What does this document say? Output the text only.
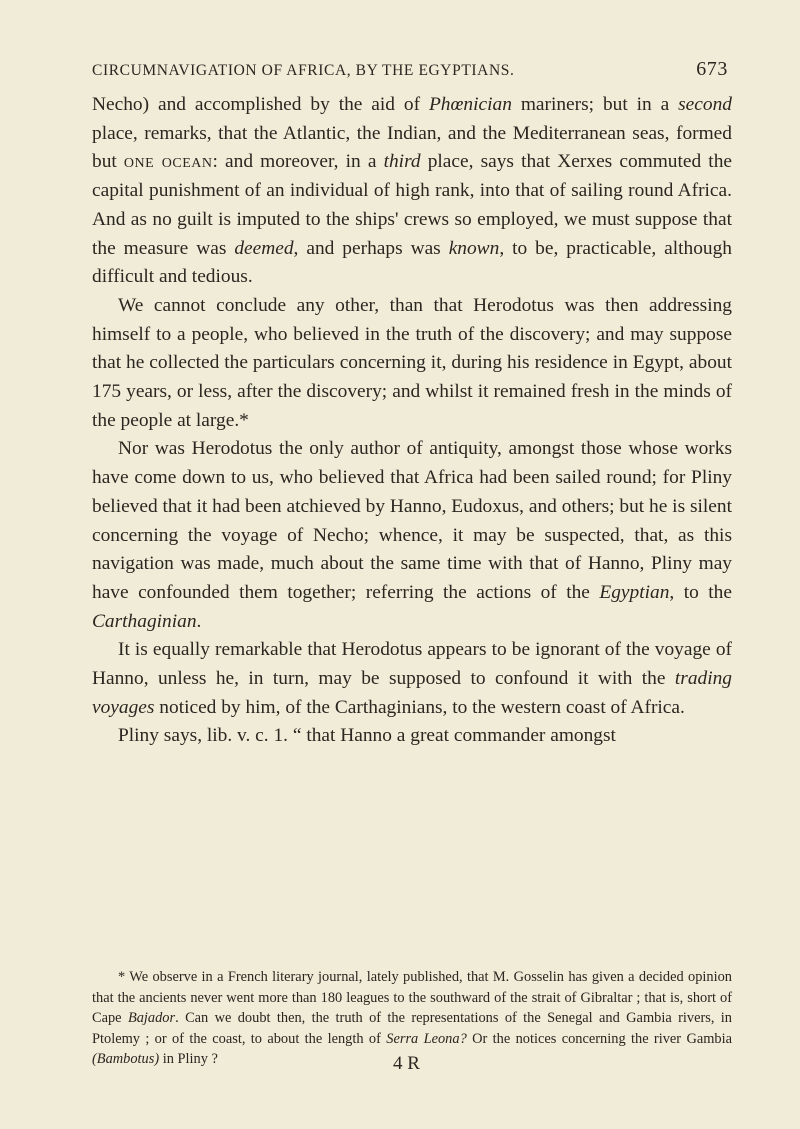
CIRCUMNAVIGATION OF AFRICA, BY THE EGYPTIANS.	673

Necho) and accomplished by the aid of Phœnician mariners; but in a second place, remarks, that the Atlantic, the Indian, and the Mediterranean seas, formed but one ocean: and moreover, in a third place, says that Xerxes commuted the capital punishment of an individual of high rank, into that of sailing round Africa. And as no guilt is imputed to the ships' crews so employed, we must suppose that the measure was deemed, and perhaps was known, to be, practicable, although difficult and tedious.

We cannot conclude any other, than that Herodotus was then addressing himself to a people, who believed in the truth of the discovery; and may suppose that he collected the particulars concerning it, during his residence in Egypt, about 175 years, or less, after the discovery; and whilst it remained fresh in the minds of the people at large.*

Nor was Herodotus the only author of antiquity, amongst those whose works have come down to us, who believed that Africa had been sailed round; for Pliny believed that it had been atchieved by Hanno, Eudoxus, and others; but he is silent concerning the voyage of Necho; whence, it may be suspected, that, as this navigation was made, much about the same time with that of Hanno, Pliny may have confounded them together; referring the actions of the Egyptian, to the Carthaginian.

It is equally remarkable that Herodotus appears to be ignorant of the voyage of Hanno, unless he, in turn, may be supposed to confound it with the trading voyages noticed by him, of the Carthaginians, to the western coast of Africa.

Pliny says, lib. v. c. 1. “ that Hanno a great commander amongst

* We observe in a French literary journal, lately published, that M. Gosselin has given a decided opinion that the ancients never went more than 180 leagues to the southward of the strait of Gibraltar ; that is, short of Cape Bajador. Can we doubt then, the truth of the representations of the Senegal and Gambia rivers, in Ptolemy ; or of the coast, to about the length of Serra Leona? Or the notices concerning the river Gambia (Bambotus) in Pliny ?	4 R
